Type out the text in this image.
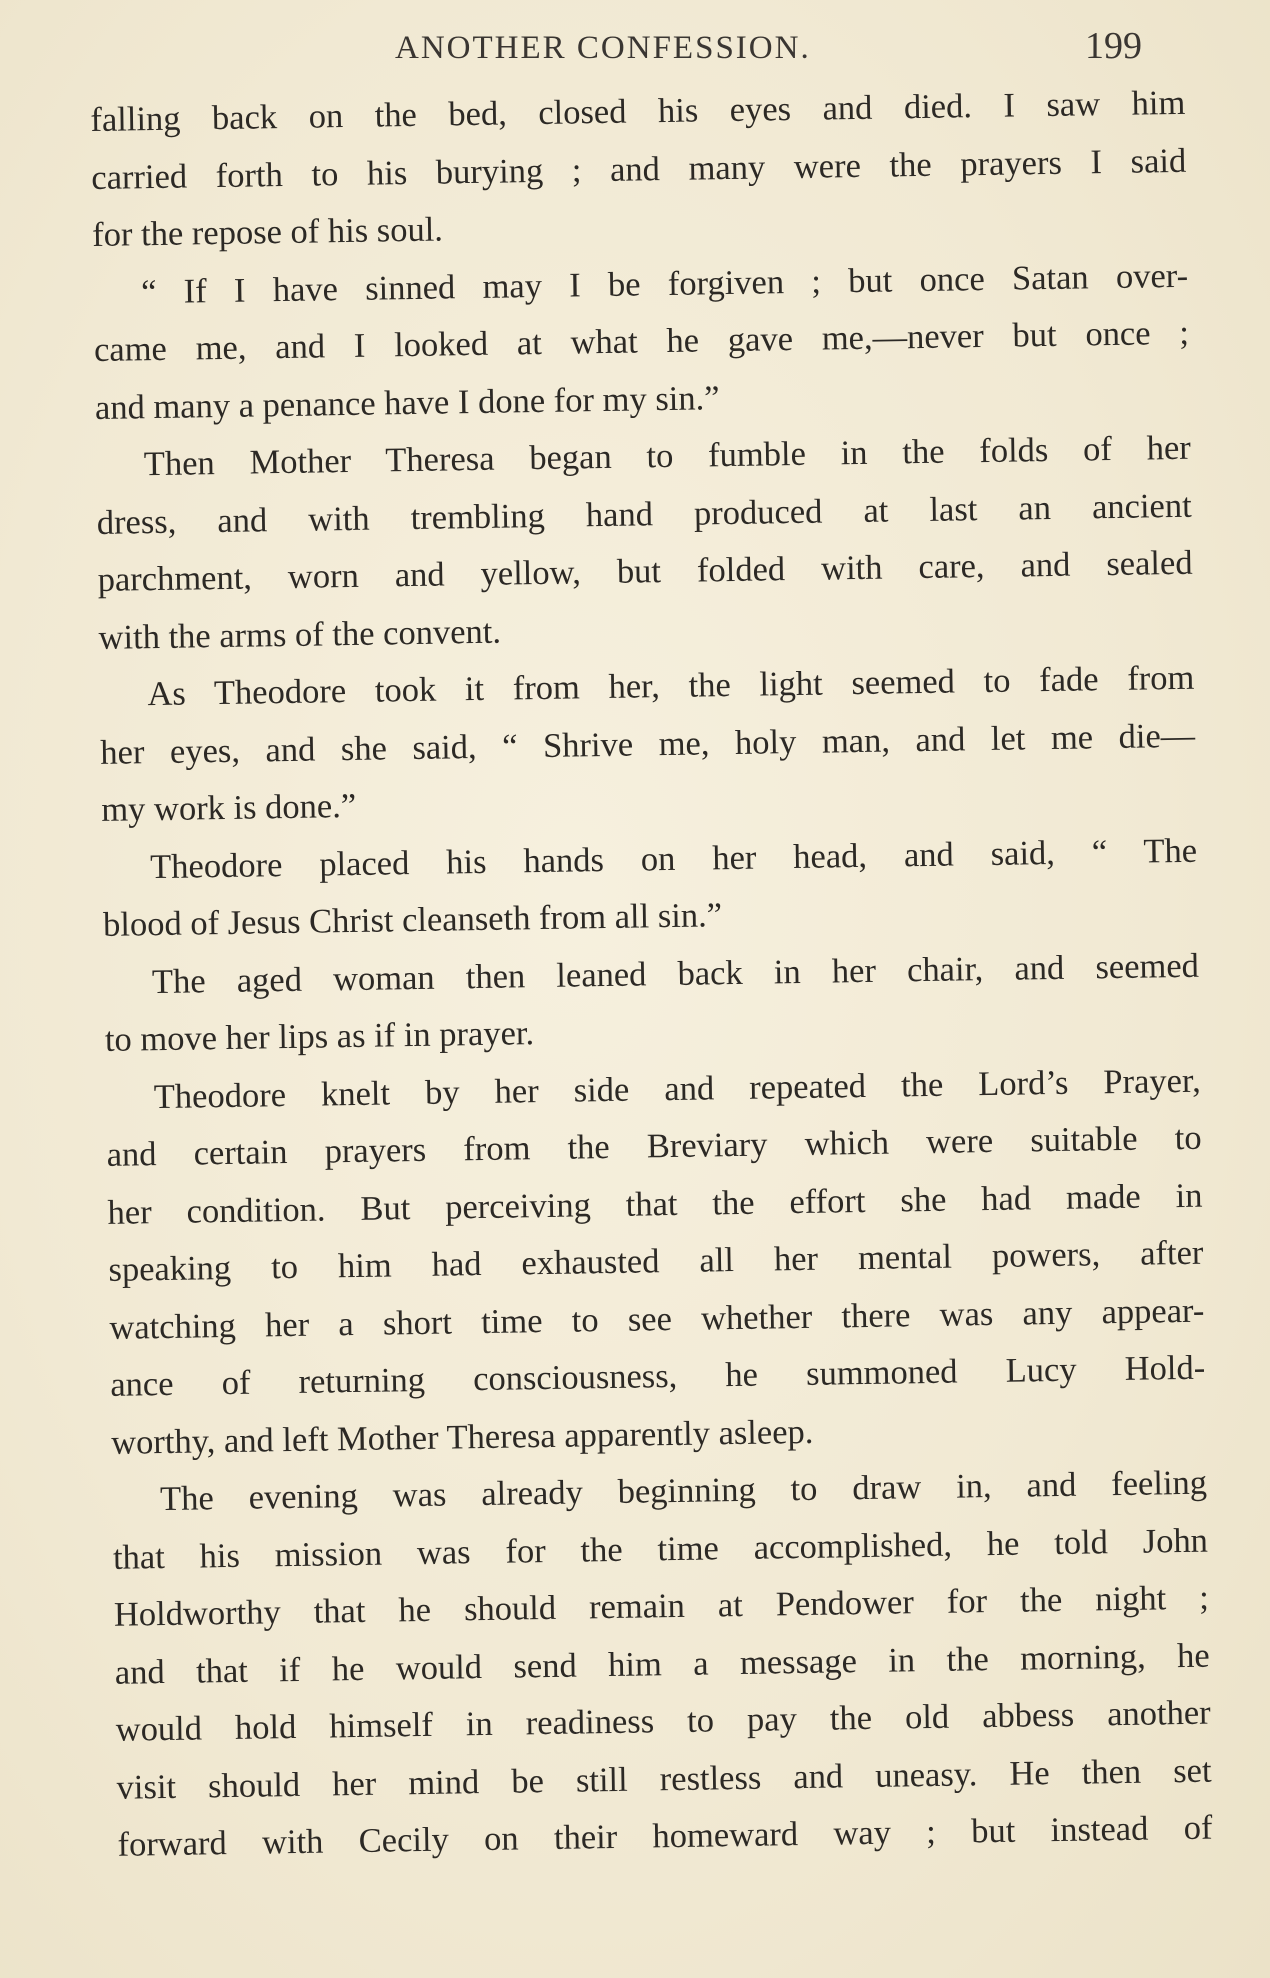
ANOTHER CONFESSION.	199
falling back on the bed, closed his eyes and died. I saw him
carried forth to his burying ; and many were the prayers I said
for the repose of his soul.
“ If I have sinned may I be forgiven ; but once Satan over-
came me, and I looked at what he gave me,—never but once ;
and many a penance have I done for my sin.”
Then Mother Theresa began to fumble in the folds of her
dress, and with trembling hand produced at last an ancient
parchment, worn and yellow, but folded with care, and sealed
with the arms of the convent.
As Theodore took it from her, the light seemed to fade from
her eyes, and she said, “ Shrive me, holy man, and let me die—
my work is done.”
Theodore placed his hands on her head, and said, “ The
blood of Jesus Christ cleanseth from all sin.”
The aged woman then leaned back in her chair, and seemed
to move her lips as if in prayer.
Theodore knelt by her side and repeated the Lord’s Prayer,
and certain prayers from the Breviary which were suitable to
her condition. But perceiving that the effort she had made in
speaking to him had exhausted all her mental powers, after
watching her a short time to see whether there was any appear-
ance of returning consciousness, he summoned Lucy Hold-
worthy, and left Mother Theresa apparently asleep.
The evening was already beginning to draw in, and feeling
that his mission was for the time accomplished, he told John
Holdworthy that he should remain at Pendower for the night ;
and that if he would send him a message in the morning, he
would hold himself in readiness to pay the old abbess another
visit should her mind be still restless and uneasy. He then set
forward with Cecily on their homeward way ; but instead of
